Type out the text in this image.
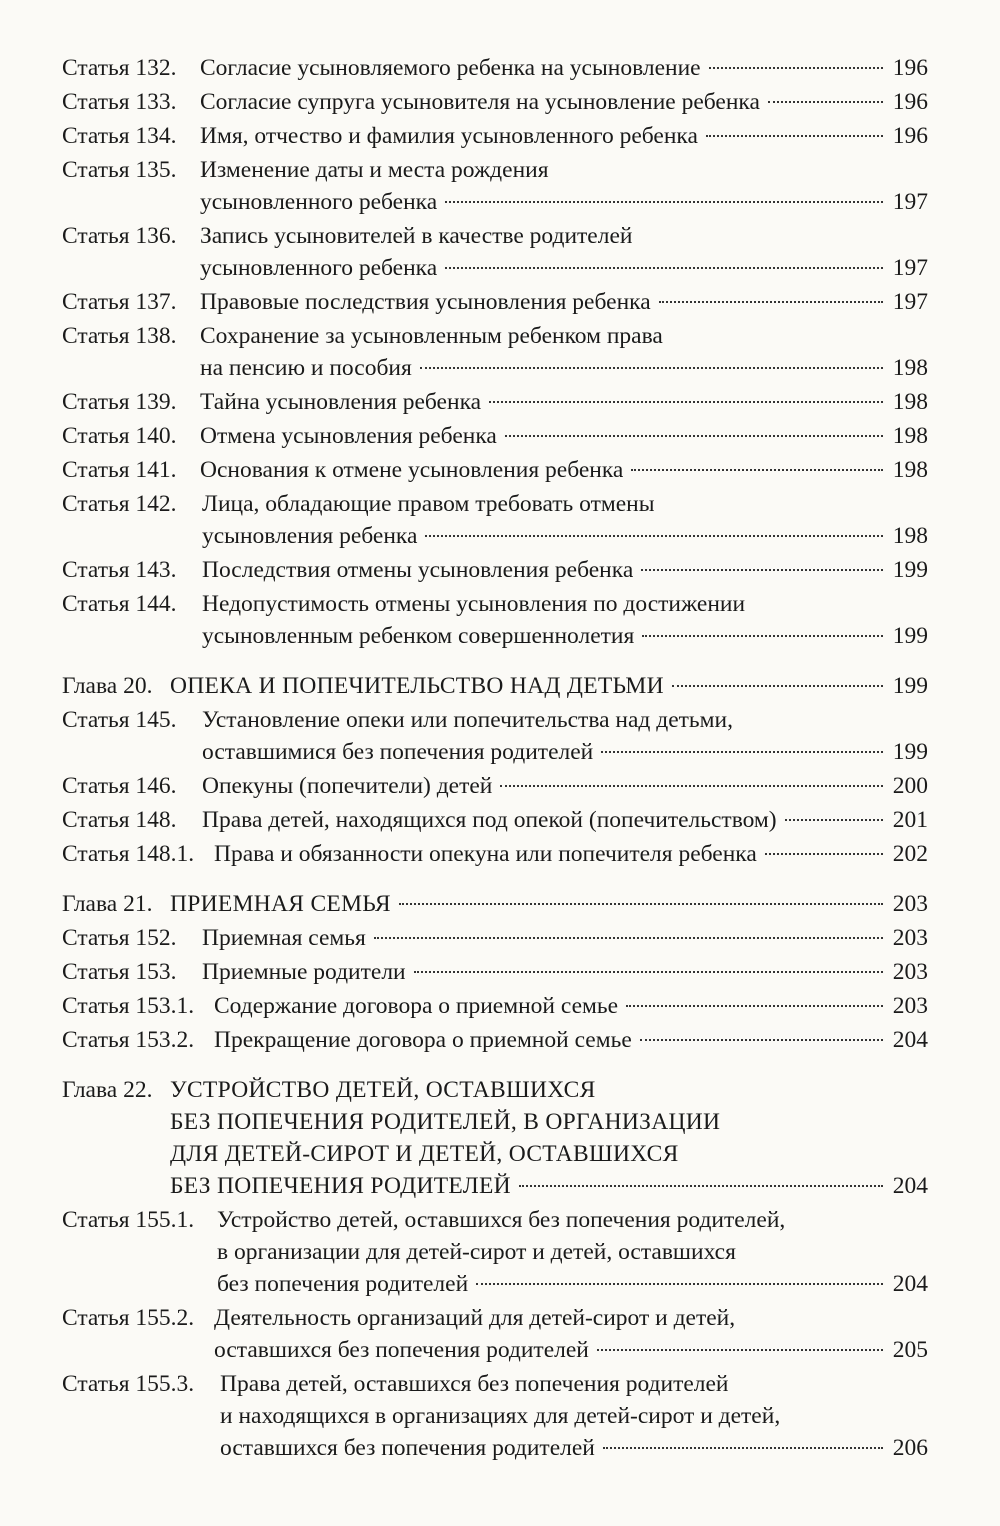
Статья 132. Согласие усыновляемого ребенка на усыновление	196
Статья 133. Согласие супруга усыновителя на усыновление ребенка	196
Статья 134. Имя, отчество и фамилия усыновленного ребенка	196
Статья 135. Изменение даты и места рождения
усыновленного ребенка	197
Статья 136. Запись усыновителей в качестве родителей
усыновленного ребенка	197
Статья 137. Правовые последствия усыновления ребенка	197
Статья 138. Сохранение за усыновленным ребенком права
на пенсию и пособия	198
Статья 139. Тайна усыновления ребенка	198
Статья 140. Отмена усыновления ребенка	198
Статья 141. Основания к отмене усыновления ребенка	198
Статья 142.	Лица, обладающие правом требовать отмены
усыновления ребенка	198
Статья 143.	Последствия отмены усыновления ребенка	199
Статья 144.	Недопустимость отмены усыновления по достижении
усыновленным ребенком совершеннолетия	199
Глава 20. ОПЕКА И ПОПЕЧИТЕЛЬСТВО НАД ДЕТЬМИ	199
Статья 145.	Установление опеки или попечительства над детьми,
оставшимися без попечения родителей	199
Статья 146.	Опекуны (попечители) детей	200
Статья 148.	Права детей, находящихся под опекой (попечительством)	201
Статья 148.1. Права и обязанности опекуна или попечителя ребенка	202
Глава 21. ПРИЕМНАЯ СЕМЬЯ	203
Статья 152.	Приемная семья	203
Статья 153.	Приемные родители	203
Статья 153.1. Содержание договора о приемной семье	203
Статья 153.2. Прекращение договора о приемной семье	204
Глава 22. УСТРОЙСТВО ДЕТЕЙ, ОСТАВШИХСЯ
БЕЗ ПОПЕЧЕНИЯ РОДИТЕЛЕЙ, В ОРГАНИЗАЦИИ
ДЛЯ ДЕТЕЙ-СИРОТ И ДЕТЕЙ, ОСТАВШИХСЯ
БЕЗ ПОПЕЧЕНИЯ РОДИТЕЛЕЙ	204
Статья 155.1. Устройство детей, оставшихся без попечения родителей,
в организации для детей-сирот и детей, оставшихся
без попечения родителей	204
Статья 155.2. Деятельность организаций для детей-сирот и детей,
оставшихся без попечения родителей	205
Статья 155.3.	Права детей, оставшихся без попечения родителей
и находящихся в организациях для детей-сирот и детей,
оставшихся без попечения родителей	206
